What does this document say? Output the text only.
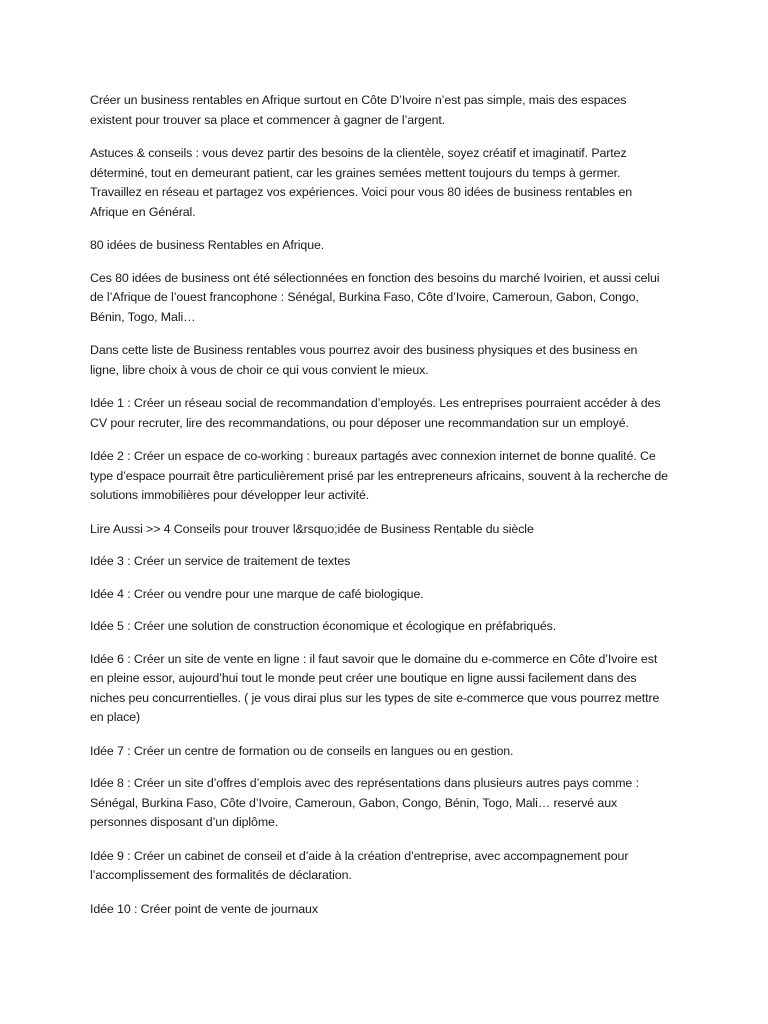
Créer un business rentables en Afrique surtout en Côte D’Ivoire n’est pas simple, mais des espaces existent pour trouver sa place et commencer à gagner de l’argent.

Astuces & conseils : vous devez partir des besoins de la clientèle, soyez créatif et imaginatif. Partez déterminé, tout en demeurant patient, car les graines semées mettent toujours du temps à germer. Travaillez en réseau et partagez vos expériences. Voici pour vous 80 idées de business rentables en Afrique en Général.

80 idées de business Rentables en Afrique.

Ces 80 idées de business ont été sélectionnées en fonction des besoins du marché Ivoirien, et aussi celui de l’Afrique de l’ouest francophone : Sénégal, Burkina Faso, Côte d’Ivoire, Cameroun, Gabon, Congo, Bénin, Togo, Mali…

Dans cette liste de Business rentables vous pourrez avoir des business physiques et des business en ligne, libre choix à vous de choir ce qui vous convient le mieux.

Idée 1 : Créer un réseau social de recommandation d’employés. Les entreprises pourraient accéder à des CV pour recruter, lire des recommandations, ou pour déposer une recommandation sur un employé.

Idée 2 : Créer un espace de co-working : bureaux partagés avec connexion internet de bonne qualité. Ce type d’espace pourrait être particulièrement prisé par les entrepreneurs africains, souvent à la recherche de solutions immobilières pour développer leur activité.

Lire Aussi >> 4 Conseils pour trouver l&rsquo;idée de Business Rentable du siècle

Idée 3 : Créer un service de traitement de textes

Idée 4 : Créer ou vendre pour une marque de café biologique.

Idée 5 : Créer une solution de construction économique et écologique en préfabriqués.

Idée 6 : Créer un site de vente en ligne : il faut savoir que le domaine du e-commerce en Côte d’Ivoire est en pleine essor, aujourd’hui tout le monde peut créer une boutique en ligne aussi facilement dans des niches peu concurrentielles. ( je vous dirai plus sur les types de site e-commerce que vous pourrez mettre en place)

Idée 7 : Créer un centre de formation ou de conseils en langues ou en gestion.

Idée 8 : Créer un site d’offres d’emplois avec des représentations dans plusieurs autres pays comme : Sénégal, Burkina Faso, Côte d’Ivoire, Cameroun, Gabon, Congo, Bénin, Togo, Mali… reservé aux personnes disposant d’un diplôme.

Idée 9 : Créer un cabinet de conseil et d’aide à la création d’entreprise, avec accompagnement pour l’accomplissement des formalités de déclaration.

Idée 10 : Créer point de vente de journaux
